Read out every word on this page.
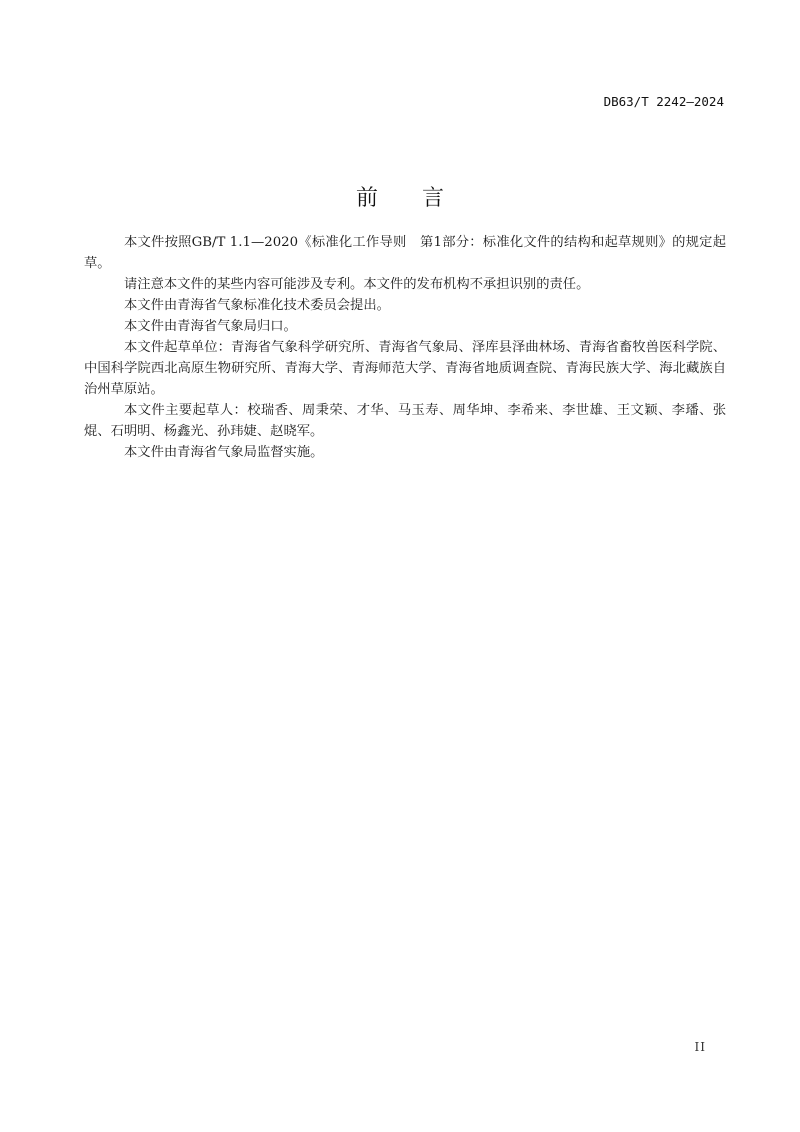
DB63/T 2242—2024
前 言

本文件按照GB/T 1.1—2020《标准化工作导则　第1部分：标准化文件的结构和起草规则》的规定起草。

请注意本文件的某些内容可能涉及专利。本文件的发布机构不承担识别的责任。

本文件由青海省气象标准化技术委员会提出。

本文件由青海省气象局归口。

本文件起草单位：青海省气象科学研究所、青海省气象局、泽库县泽曲林场、青海省畜牧兽医科学院、中国科学院西北高原生物研究所、青海大学、青海师范大学、青海省地质调查院、青海民族大学、海北藏族自治州草原站。

本文件主要起草人：校瑞香、周秉荣、才华、马玉寿、周华坤、李希来、李世雄、王文颖、李璠、张焜、石明明、杨鑫光、孙玮婕、赵晓军。

本文件由青海省气象局监督实施。

II
